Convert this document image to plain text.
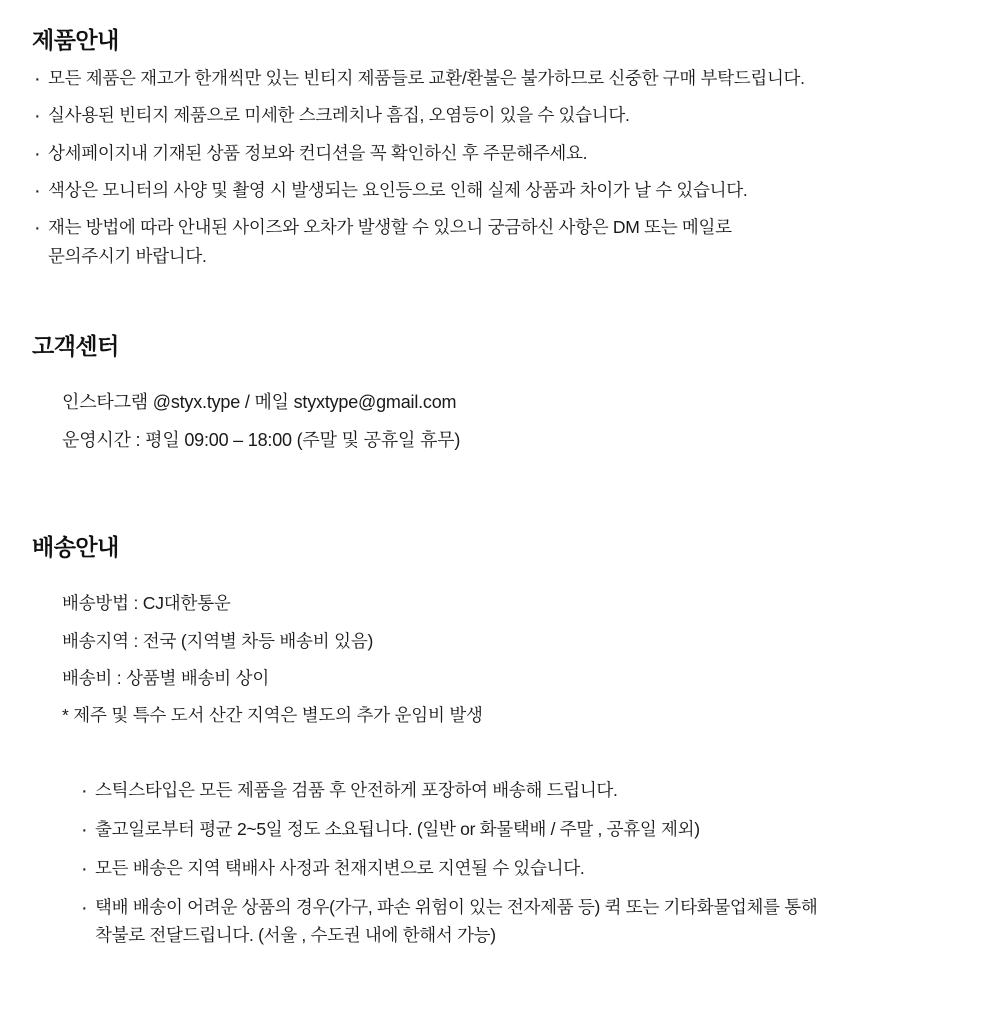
제품안내
· 모든 제품은 재고가 한개씩만 있는 빈티지 제품들로 교환/환불은 불가하므로 신중한 구매 부탁드립니다.
· 실사용된 빈티지 제품으로 미세한 스크레치나 흠집, 오염등이 있을 수 있습니다.
· 상세페이지내 기재된 상품 정보와 컨디션을 꼭 확인하신 후 주문해주세요.
· 색상은 모니터의 사양 및 촬영 시 발생되는 요인등으로 인해 실제 상품과 차이가 날 수 있습니다.
· 재는 방법에 따라 안내된 사이즈와 오차가 발생할 수 있으니 궁금하신 사항은 DM 또는 메일로
문의주시기 바랍니다.
고객센터
인스타그램 @styx.type / 메일 styxtype@gmail.com
운영시간 : 평일 09:00 – 18:00 (주말 및 공휴일 휴무)
배송안내
배송방법 : CJ대한통운
배송지역 : 전국 (지역별 차등 배송비 있음)
배송비 : 상품별 배송비 상이
* 제주 및 특수 도서 산간 지역은 별도의 추가 운임비 발생
· 스틱스타입은 모든 제품을 검품 후 안전하게 포장하여 배송해 드립니다.
· 출고일로부터 평균 2~5일 정도 소요됩니다. (일반 or 화물택배 / 주말 , 공휴일 제외)
· 모든 배송은 지역 택배사 사정과 천재지변으로 지연될 수 있습니다.
· 택배 배송이 어려운 상품의 경우(가구, 파손 위험이 있는 전자제품 등) 퀵 또는 기타화물업체를 통해
착불로 전달드립니다. (서울 , 수도권 내에 한해서 가능)
